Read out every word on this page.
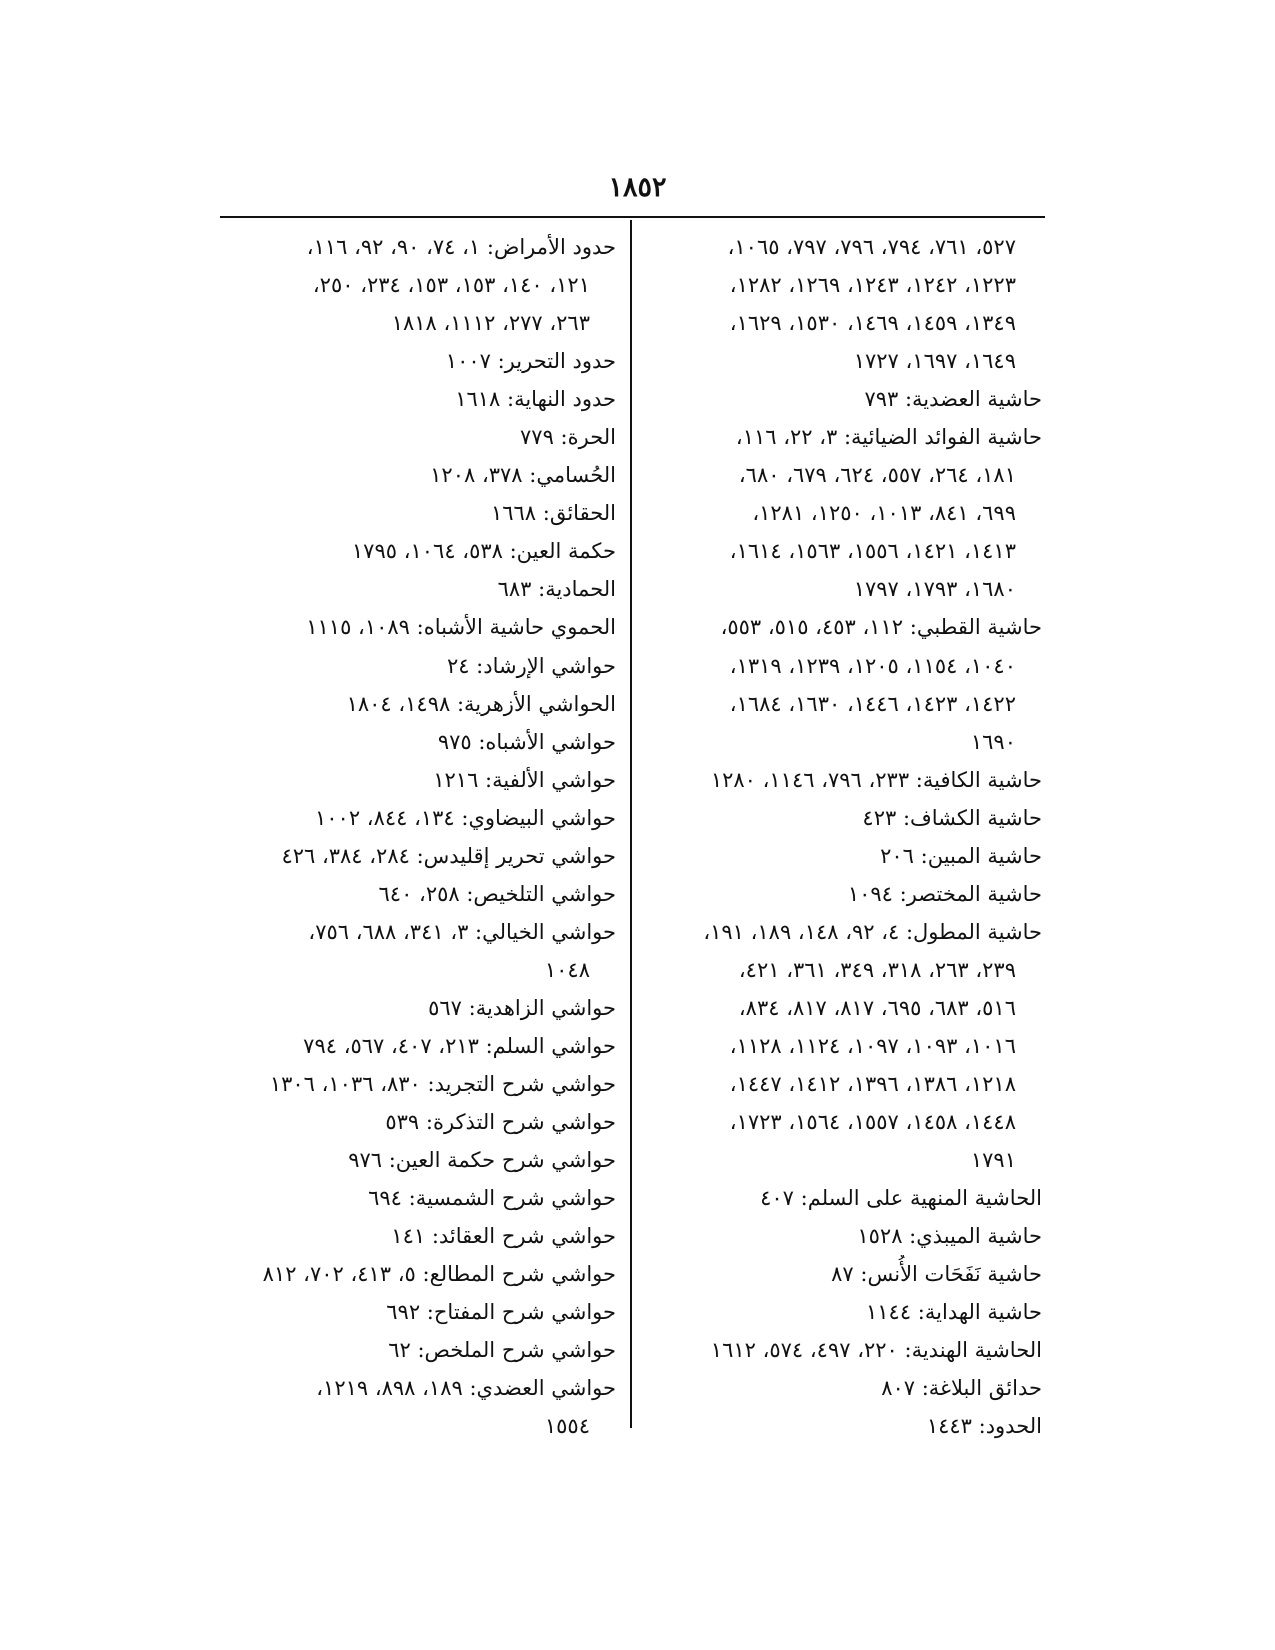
١٨٥٢
٥٢٧، ٧٦١، ٧٩٤، ٧٩٦، ٧٩٧، ١٠٦٥،
١٢٢٣، ١٢٤٢، ١٢٤٣، ١٢٦٩، ١٢٨٢،
١٣٤٩، ١٤٥٩، ١٤٦٩، ١٥٣٠، ١٦٢٩،
١٦٤٩، ١٦٩٧، ١٧٢٧
حاشية العضدية: ٧٩٣
حاشية الفوائد الضيائية: ٣، ٢٢، ١١٦،
١٨١، ٢٦٤، ٥٥٧، ٦٢٤، ٦٧٩، ٦٨٠،
٦٩٩، ٨٤١، ١٠١٣، ١٢٥٠، ١٢٨١،
١٤١٣، ١٤٢١، ١٥٥٦، ١٥٦٣، ١٦١٤،
١٦٨٠، ١٧٩٣، ١٧٩٧
حاشية القطبي: ١١٢، ٤٥٣، ٥١٥، ٥٥٣،
١٠٤٠، ١١٥٤، ١٢٠٥، ١٢٣٩، ١٣١٩،
١٤٢٢، ١٤٢٣، ١٤٤٦، ١٦٣٠، ١٦٨٤،
١٦٩٠
حاشية الكافية: ٢٣٣، ٧٩٦، ١١٤٦، ١٢٨٠
حاشية الكشاف: ٤٢٣
حاشية المبين: ٢٠٦
حاشية المختصر: ١٠٩٤
حاشية المطول: ٤، ٩٢، ١٤٨، ١٨٩، ١٩١،
٢٣٩، ٢٦٣، ٣١٨، ٣٤٩، ٣٦١، ٤٢١،
٥١٦، ٦٨٣، ٦٩٥، ٨١٧، ٨١٧، ٨٣٤،
١٠١٦، ١٠٩٣، ١٠٩٧، ١١٢٤، ١١٢٨،
١٢١٨، ١٣٨٦، ١٣٩٦، ١٤١٢، ١٤٤٧،
١٤٤٨، ١٤٥٨، ١٥٥٧، ١٥٦٤، ١٧٢٣،
١٧٩١
الحاشية المنهية على السلم: ٤٠٧
حاشية الميبذي: ١٥٢٨
حاشية نَفَحَات الأُنس: ٨٧
حاشية الهداية: ١١٤٤
الحاشية الهندية: ٢٢٠، ٤٩٧، ٥٧٤، ١٦١٢
حدائق البلاغة: ٨٠٧
الحدود: ١٤٤٣
حدود الأمراض: ١، ٧٤، ٩٠، ٩٢، ١١٦،
١٢١، ١٤٠، ١٥٣، ١٥٣، ٢٣٤، ٢٥٠،
٢٦٣، ٢٧٧، ١١١٢، ١٨١٨
حدود التحرير: ١٠٠٧
حدود النهاية: ١٦١٨
الحرة: ٧٧٩
الحُسامي: ٣٧٨، ١٢٠٨
الحقائق: ١٦٦٨
حكمة العين: ٥٣٨، ١٠٦٤، ١٧٩٥
الحمادية: ٦٨٣
الحموي حاشية الأشباه: ١٠٨٩، ١١١٥
حواشي الإرشاد: ٢٤
الحواشي الأزهرية: ١٤٩٨، ١٨٠٤
حواشي الأشباه: ٩٧٥
حواشي الألفية: ١٢١٦
حواشي البيضاوي: ١٣٤، ٨٤٤، ١٠٠٢
حواشي تحرير إقليدس: ٢٨٤، ٣٨٤، ٤٢٦
حواشي التلخيص: ٢٥٨، ٦٤٠
حواشي الخيالي: ٣، ٣٤١، ٦٨٨، ٧٥٦،
١٠٤٨
حواشي الزاهدية: ٥٦٧
حواشي السلم: ٢١٣، ٤٠٧، ٥٦٧، ٧٩٤
حواشي شرح التجريد: ٨٣٠، ١٠٣٦، ١٣٠٦
حواشي شرح التذكرة: ٥٣٩
حواشي شرح حكمة العين: ٩٧٦
حواشي شرح الشمسية: ٦٩٤
حواشي شرح العقائد: ١٤١
حواشي شرح المطالع: ٥، ٤١٣، ٧٠٢، ٨١٢
حواشي شرح المفتاح: ٦٩٢
حواشي شرح الملخص: ٦٢
حواشي العضدي: ١٨٩، ٨٩٨، ١٢١٩،
١٥٥٤
